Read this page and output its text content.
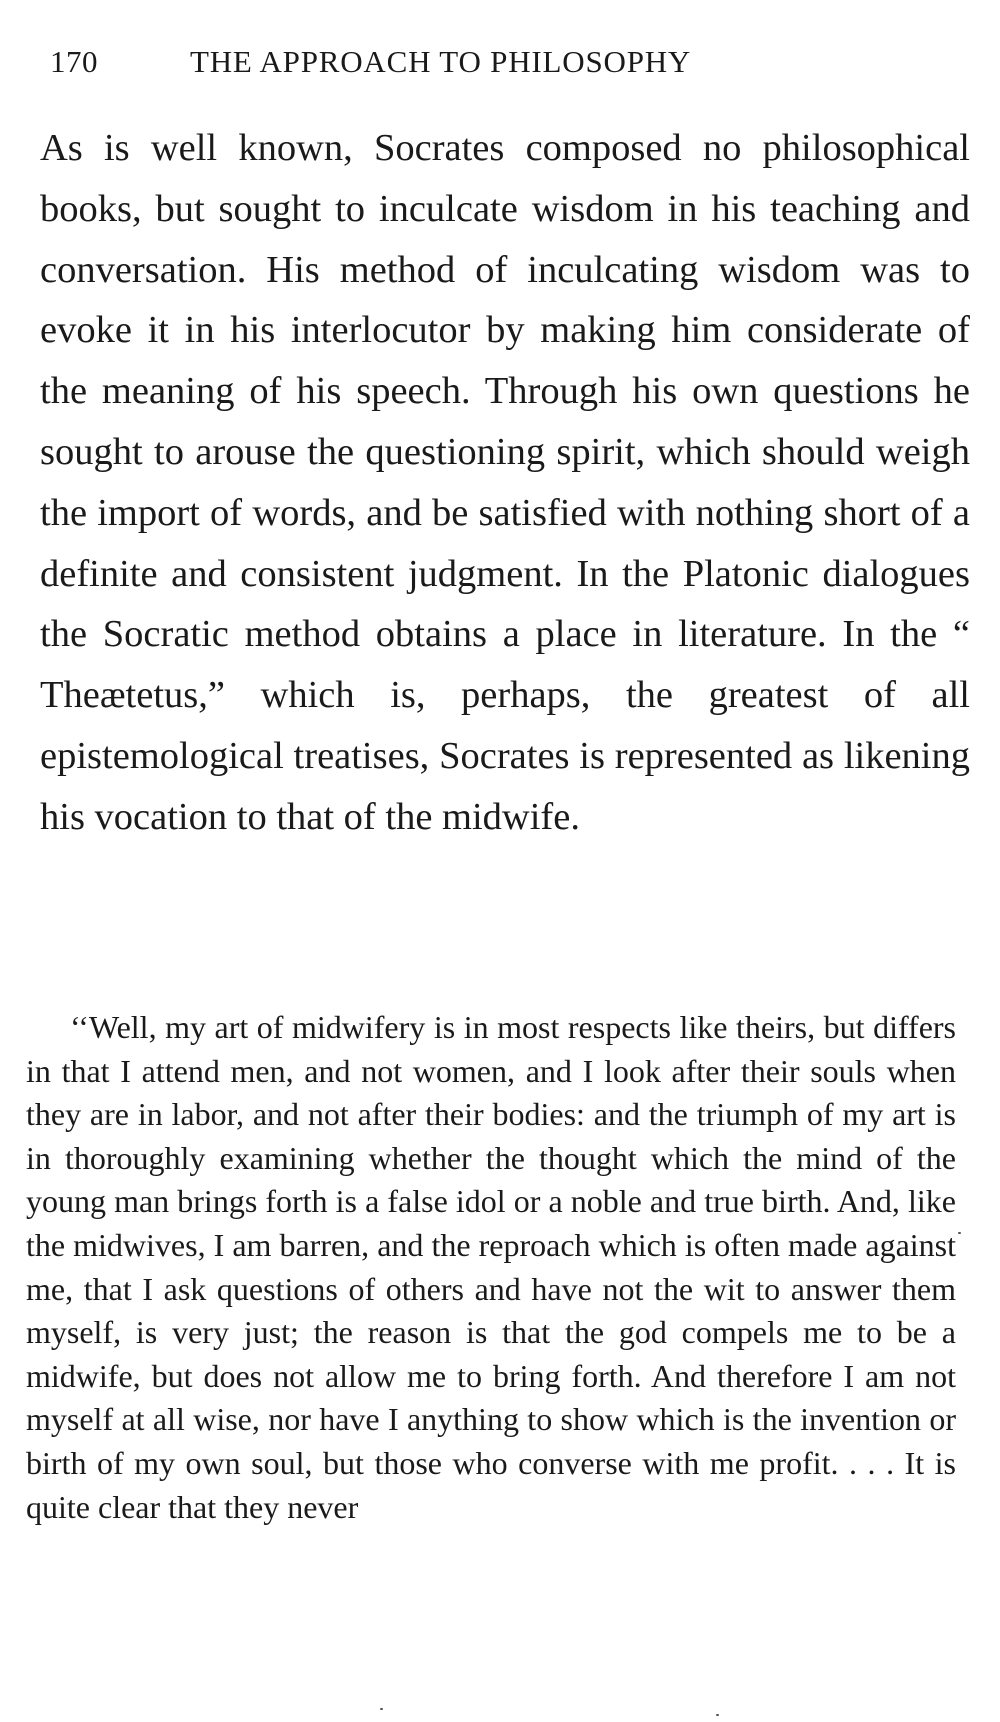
170	THE APPROACH TO PHILOSOPHY

As is well known, Socrates composed no philosophical books, but sought to inculcate wisdom in his teaching and conversation. His method of inculcating wisdom was to evoke it in his interlocutor by making him considerate of the meaning of his speech. Through his own questions he sought to arouse the questioning spirit, which should weigh the import of words, and be satisfied with nothing short of a definite and consistent judgment. In the Platonic dialogues the Socratic method obtains a place in literature. In the “ Theætetus,” which is, perhaps, the greatest of all epistemological treatises, Socrates is represented as likening his vocation to that of the midwife.

‘‘Well, my art of midwifery is in most respects like theirs, but differs in that I attend men, and not women, and I look after their souls when they are in labor, and not after their bodies: and the triumph of my art is in thoroughly examining whether the thought which the mind of the young man brings forth is a false idol or a noble and true birth. And, like the midwives, I am barren, and the reproach which is often made against me, that I ask questions of others and have not the wit to answer them myself, is very just; the reason is that the god compels me to be a midwife, but does not allow me to bring forth. And therefore I am not myself at all wise, nor have I anything to show which is the invention or birth of my own soul, but those who converse with me profit. . . . It is quite clear that they never
